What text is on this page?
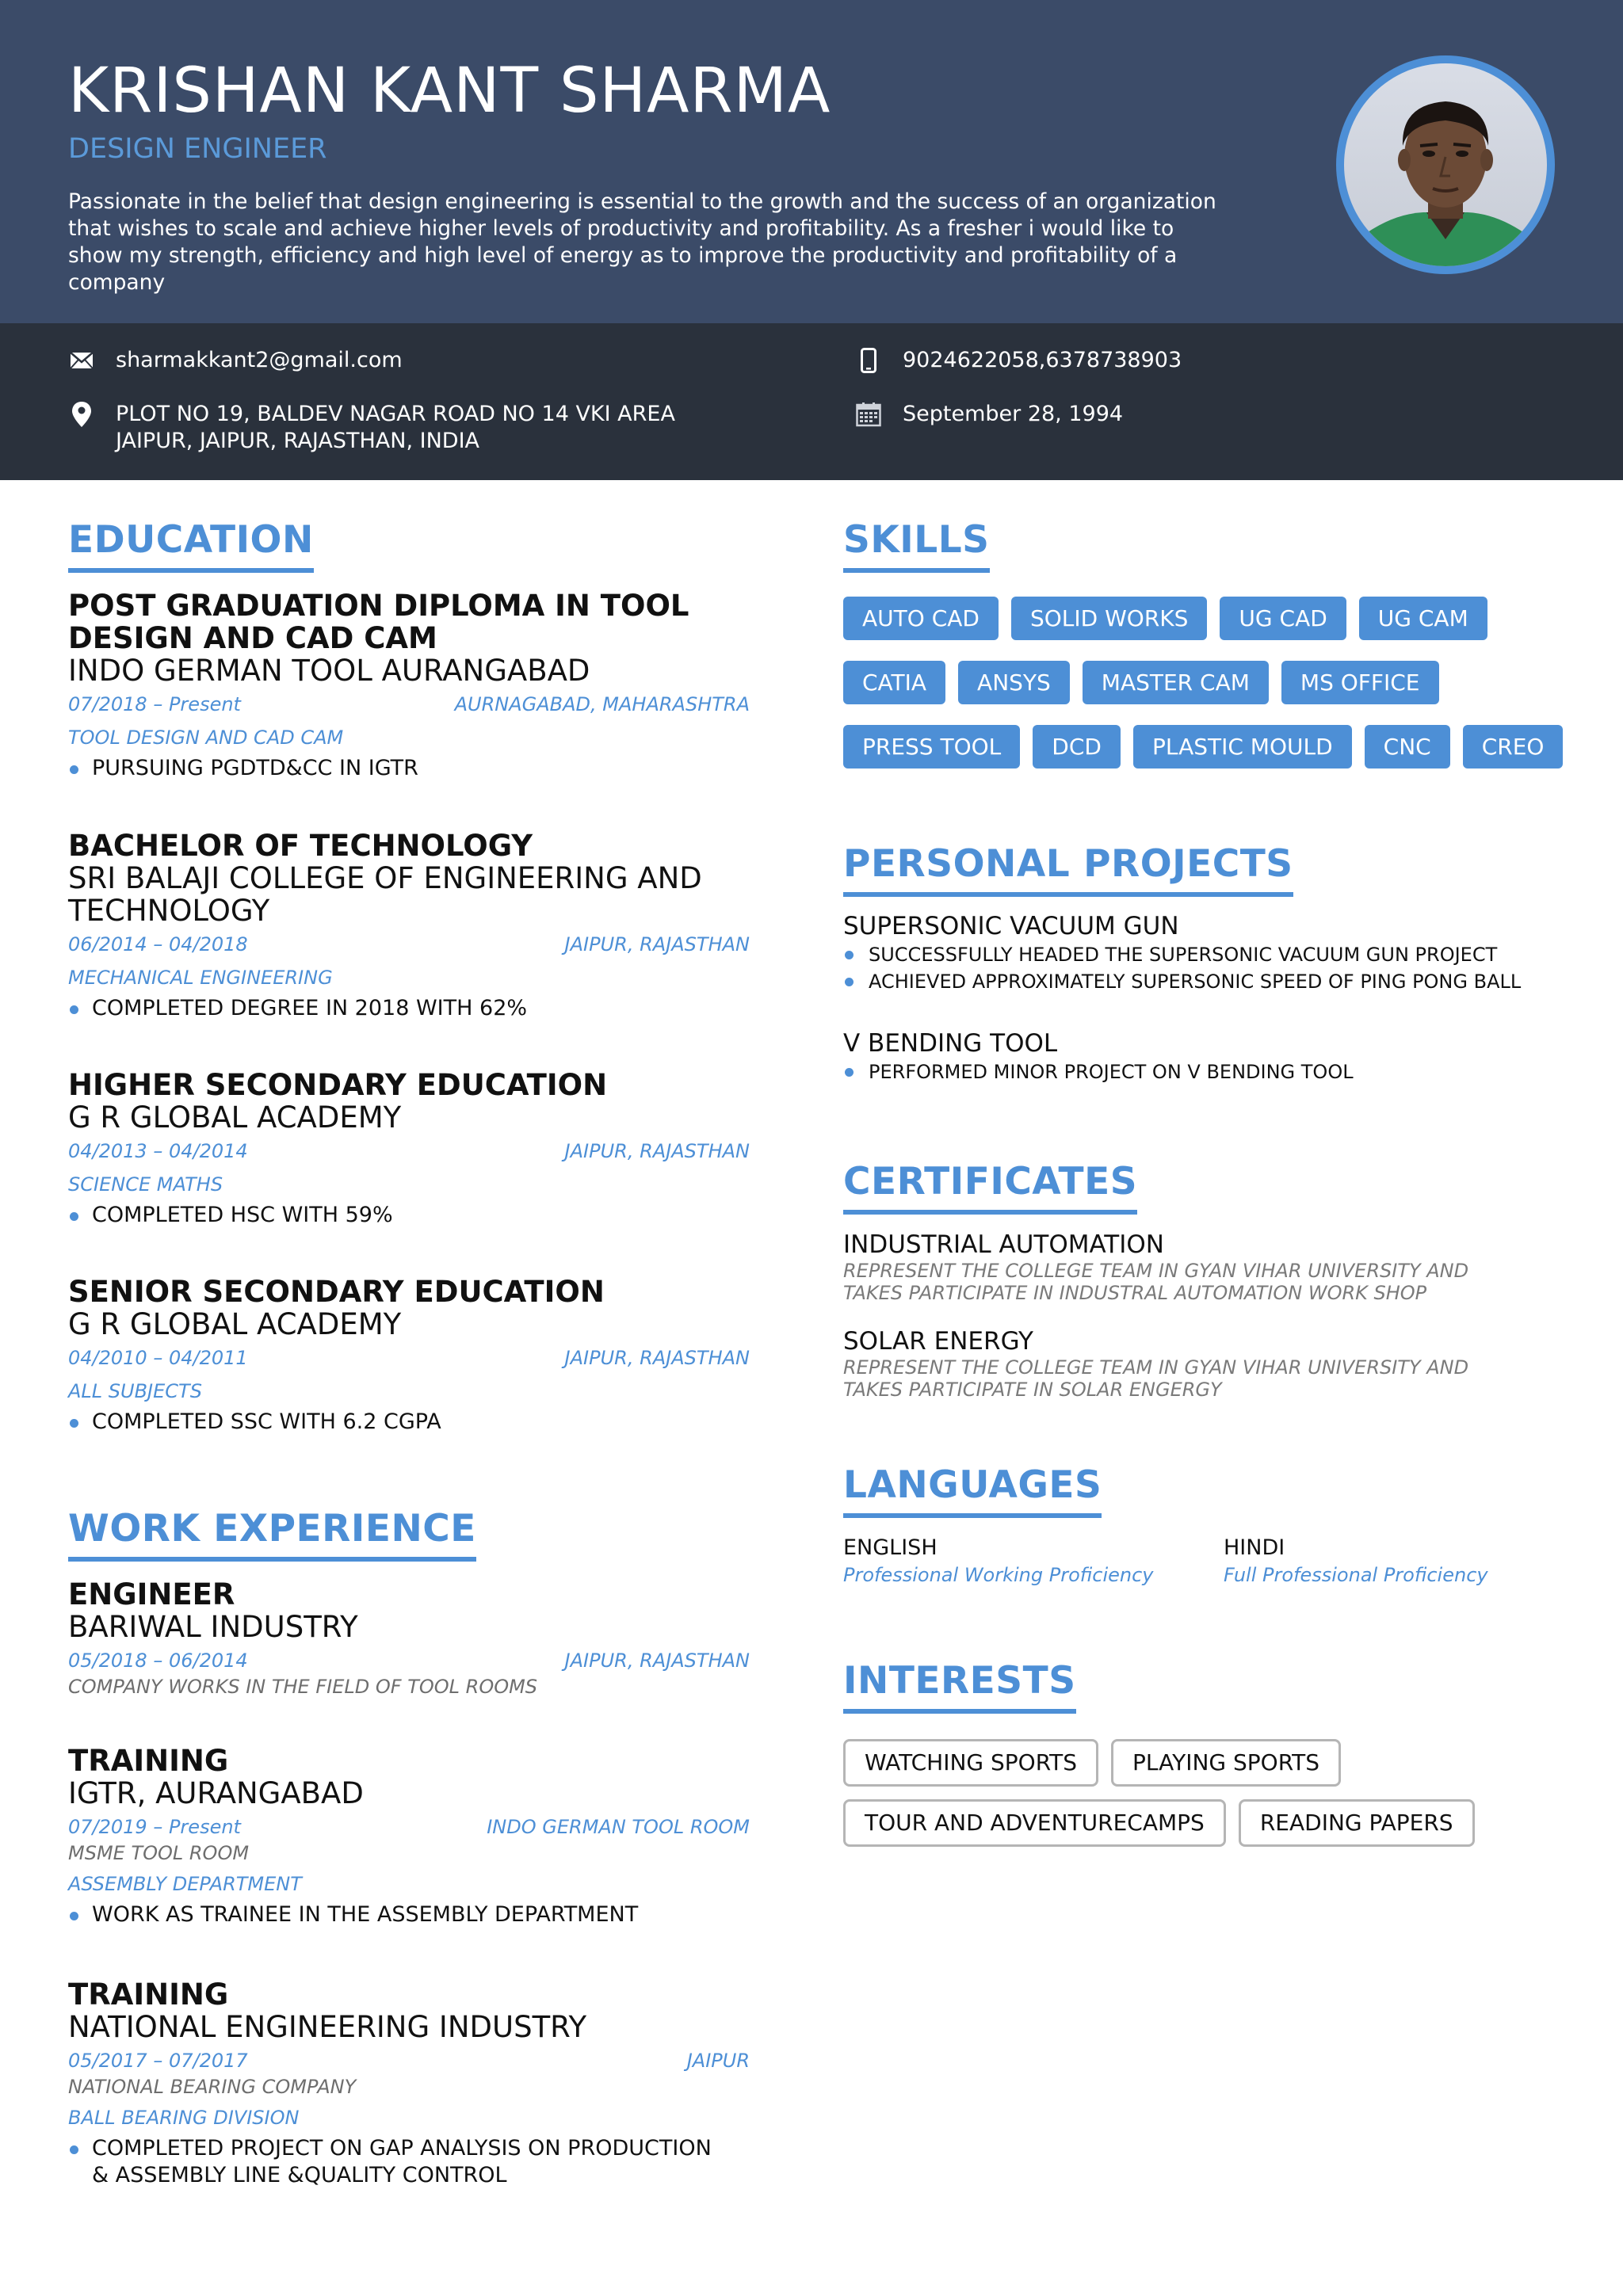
KRISHAN KANT SHARMA
DESIGN ENGINEER
Passionate in the belief that design engineering is essential to the growth and the success of an organization that wishes to scale and achieve higher levels of productivity and profitability. As a fresher i would like to show my strength, efficiency and high level of energy as to improve the productivity and profitability of a company
sharmakkant2@gmail.com	9024622058,6378738903
PLOT NO 19, BALDEV NAGAR ROAD NO 14 VKI AREA
JAIPUR, JAIPUR, RAJASTHAN, INDIA
September 28, 1994
EDUCATION
POST GRADUATION DIPLOMA IN TOOL DESIGN AND CAD CAM
INDO GERMAN TOOL AURANGABAD
07/2018 – Present	AURNAGABAD, MAHARASHTRA
TOOL DESIGN AND CAD CAM
PURSUING PGDTD&CC IN IGTR
BACHELOR OF TECHNOLOGY
SRI BALAJI COLLEGE OF ENGINEERING AND TECHNOLOGY
06/2014 – 04/2018	JAIPUR, RAJASTHAN
MECHANICAL ENGINEERING
COMPLETED DEGREE IN 2018 WITH 62%
HIGHER SECONDARY EDUCATION
G R GLOBAL ACADEMY
04/2013 – 04/2014	JAIPUR, RAJASTHAN
SCIENCE MATHS
COMPLETED HSC WITH 59%
SENIOR SECONDARY EDUCATION
G R GLOBAL ACADEMY
04/2010 – 04/2011	JAIPUR, RAJASTHAN
ALL SUBJECTS
COMPLETED SSC WITH 6.2 CGPA
WORK EXPERIENCE
ENGINEER
BARIWAL INDUSTRY
05/2018 – 06/2014	JAIPUR, RAJASTHAN
COMPANY WORKS IN THE FIELD OF TOOL ROOMS
TRAINING
IGTR, AURANGABAD
07/2019 – Present	INDO GERMAN TOOL ROOM
MSME TOOL ROOM
ASSEMBLY DEPARTMENT
WORK AS TRAINEE IN THE ASSEMBLY DEPARTMENT
TRAINING
NATIONAL ENGINEERING INDUSTRY
05/2017 – 07/2017	JAIPUR
NATIONAL BEARING COMPANY
BALL BEARING DIVISION
COMPLETED PROJECT ON GAP ANALYSIS ON PRODUCTION & ASSEMBLY LINE &QUALITY CONTROL
SKILLS
AUTO CAD	SOLID WORKS	UG CAD	UG CAM
CATIA	ANSYS	MASTER CAM	MS OFFICE
PRESS TOOL	DCD	PLASTIC MOULD	CNC	CREO
PERSONAL PROJECTS
SUPERSONIC VACUUM GUN
SUCCESSFULLY HEADED THE SUPERSONIC VACUUM GUN PROJECT
ACHIEVED APPROXIMATELY SUPERSONIC SPEED OF PING PONG BALL
V BENDING TOOL
PERFORMED MINOR PROJECT ON V BENDING TOOL
CERTIFICATES
INDUSTRIAL AUTOMATION
REPRESENT THE COLLEGE TEAM IN GYAN VIHAR UNIVERSITY AND TAKES PARTICIPATE IN INDUSTRAL AUTOMATION WORK SHOP
SOLAR ENERGY
REPRESENT THE COLLEGE TEAM IN GYAN VIHAR UNIVERSITY AND TAKES PARTICIPATE IN SOLAR ENGERGY
LANGUAGES
ENGLISH
Professional Working Proficiency
HINDI
Full Professional Proficiency
INTERESTS
WATCHING SPORTS	PLAYING SPORTS
TOUR AND ADVENTURECAMPS	READING PAPERS
